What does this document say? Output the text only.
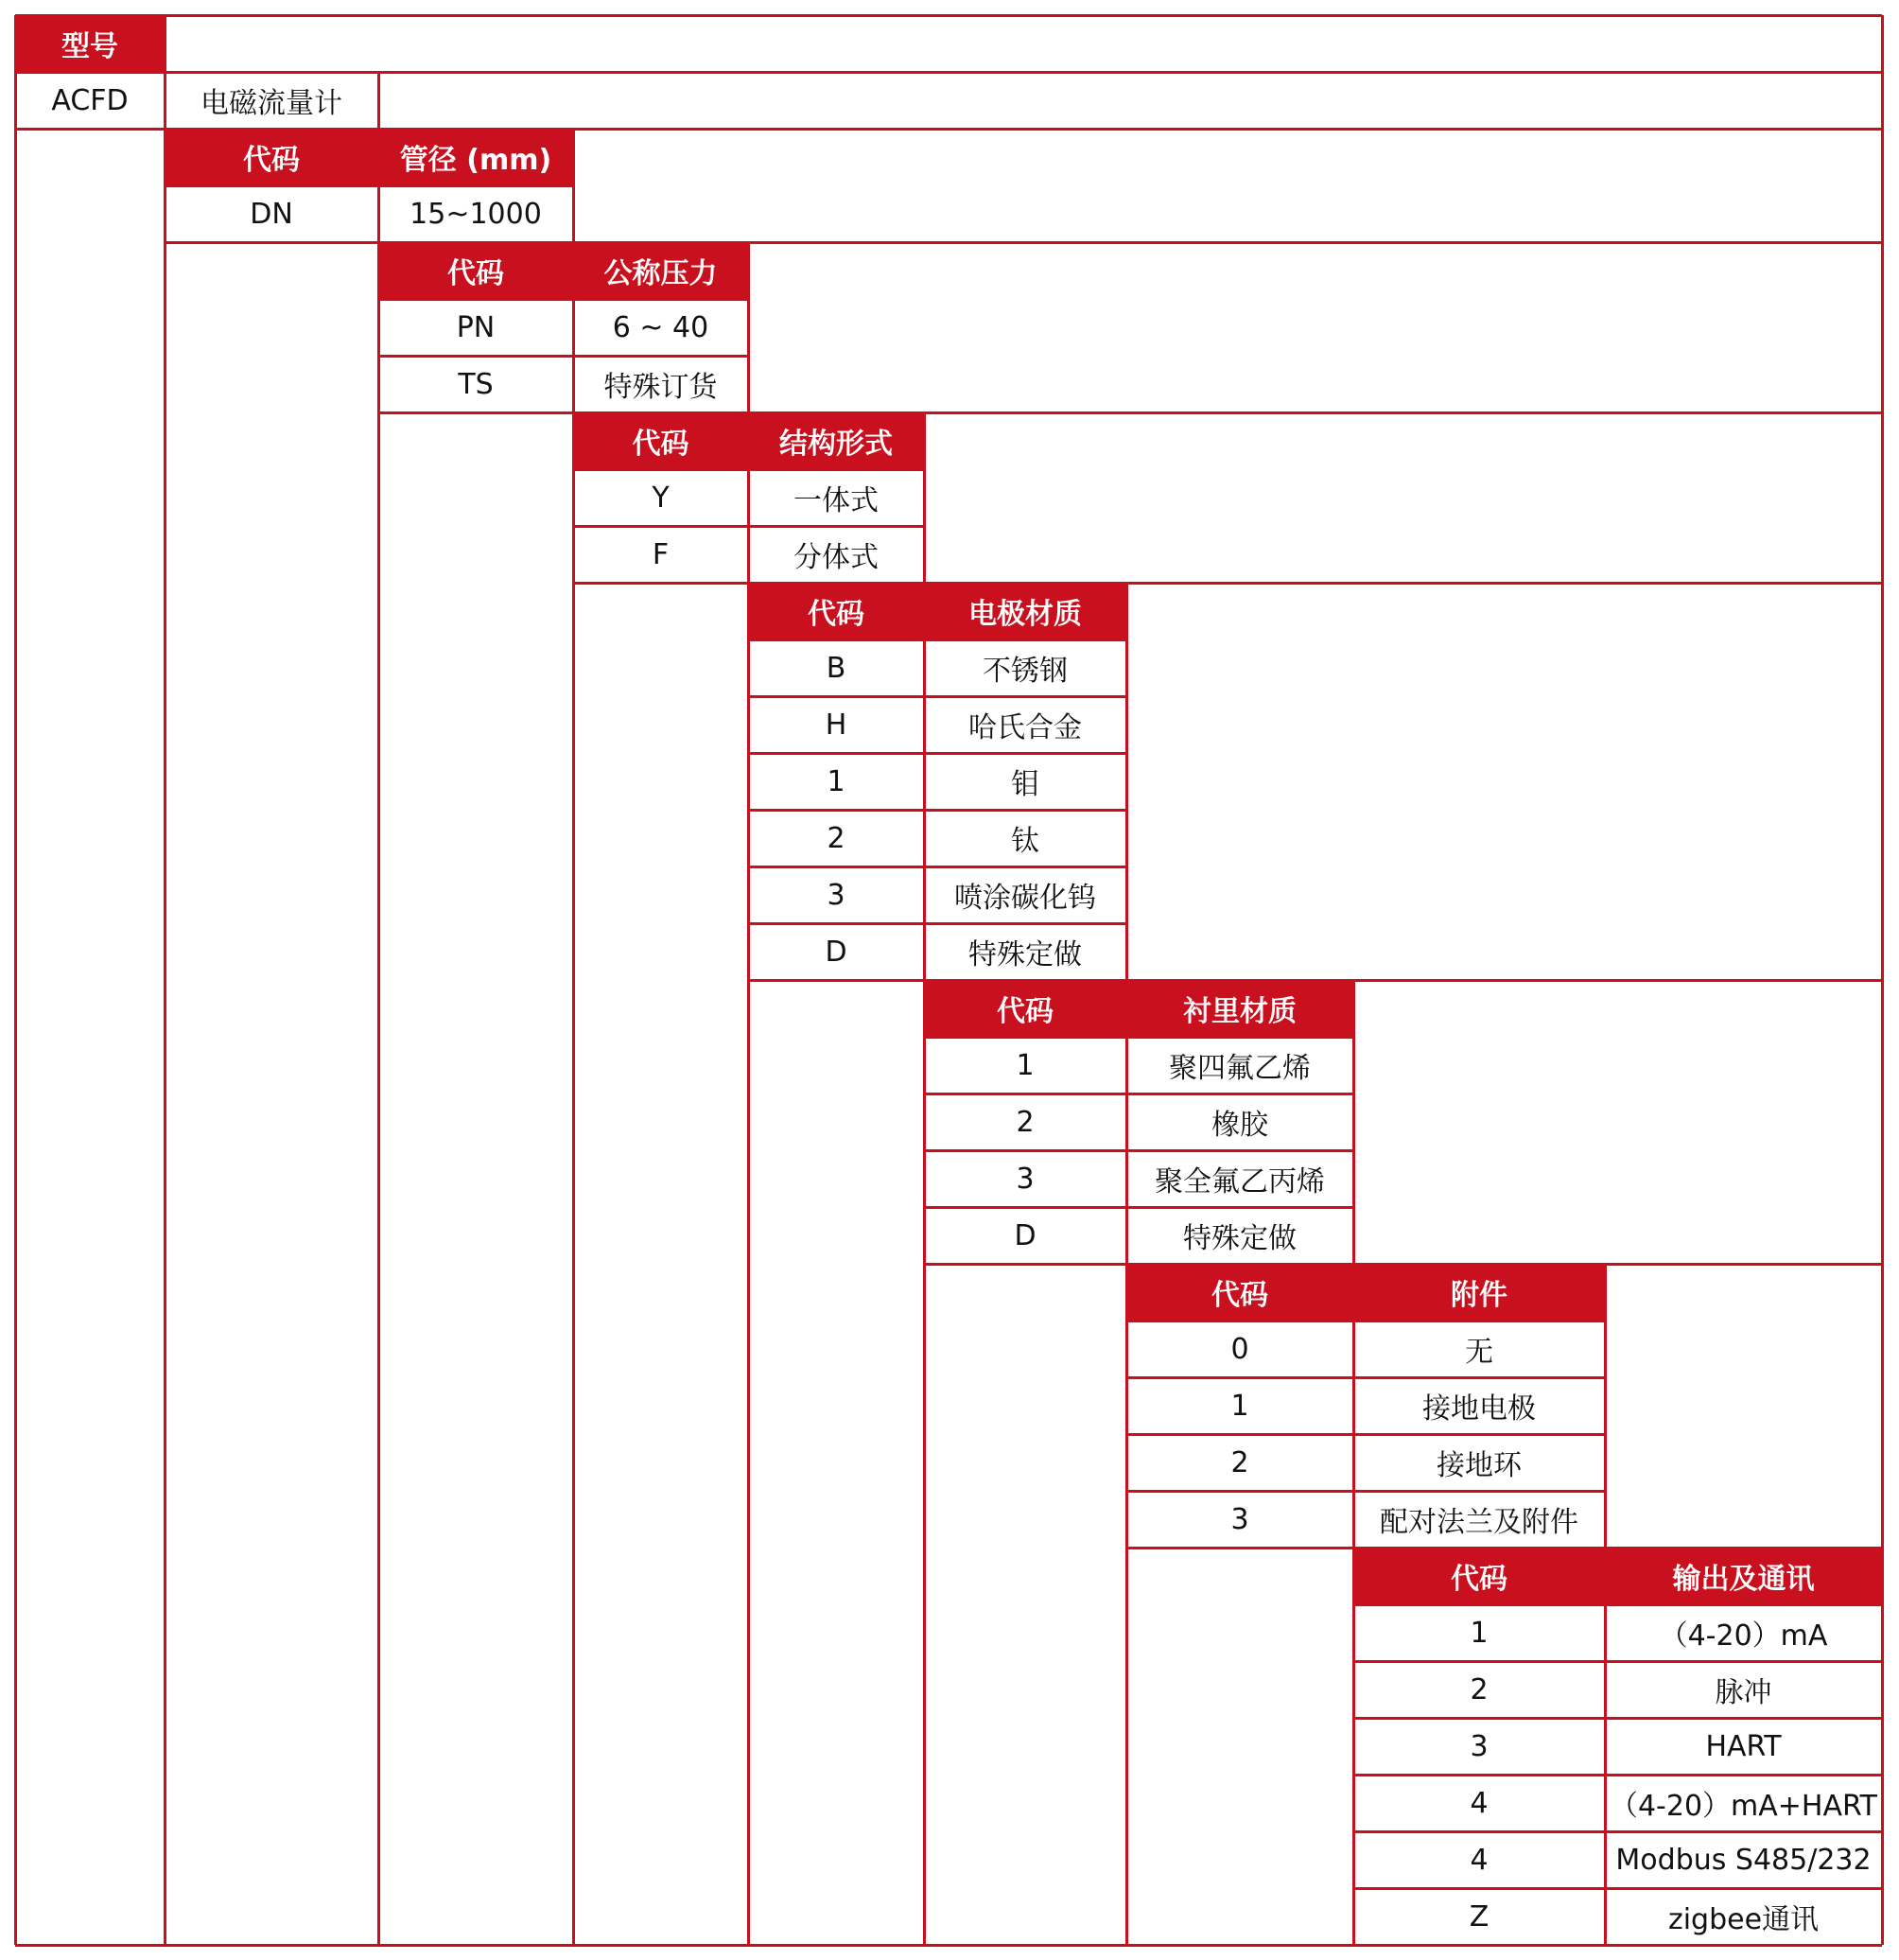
型号
ACFD	电磁流量计
代码	管径 (mm)
DN	15~1000
代码	公称压力
PN	6 ~ 40
TS	特殊订货
代码	结构形式
Y	一体式
F	分体式
代码	电极材质
B	不锈钢
H	哈氏合金
1	钼
2	钛
3	喷涂碳化钨
D	特殊定做
代码	衬里材质
1	聚四氟乙烯
2	橡胶
3	聚全氟乙丙烯
D	特殊定做
代码	附件
0	无
1	接地电极
2	接地环
3	配对法兰及附件
代码	输出及通讯
1	（4-20）mA
2	脉冲
3	HART
4	（4-20）mA+HART
4	Modbus S485/232
Z	zigbee通讯
